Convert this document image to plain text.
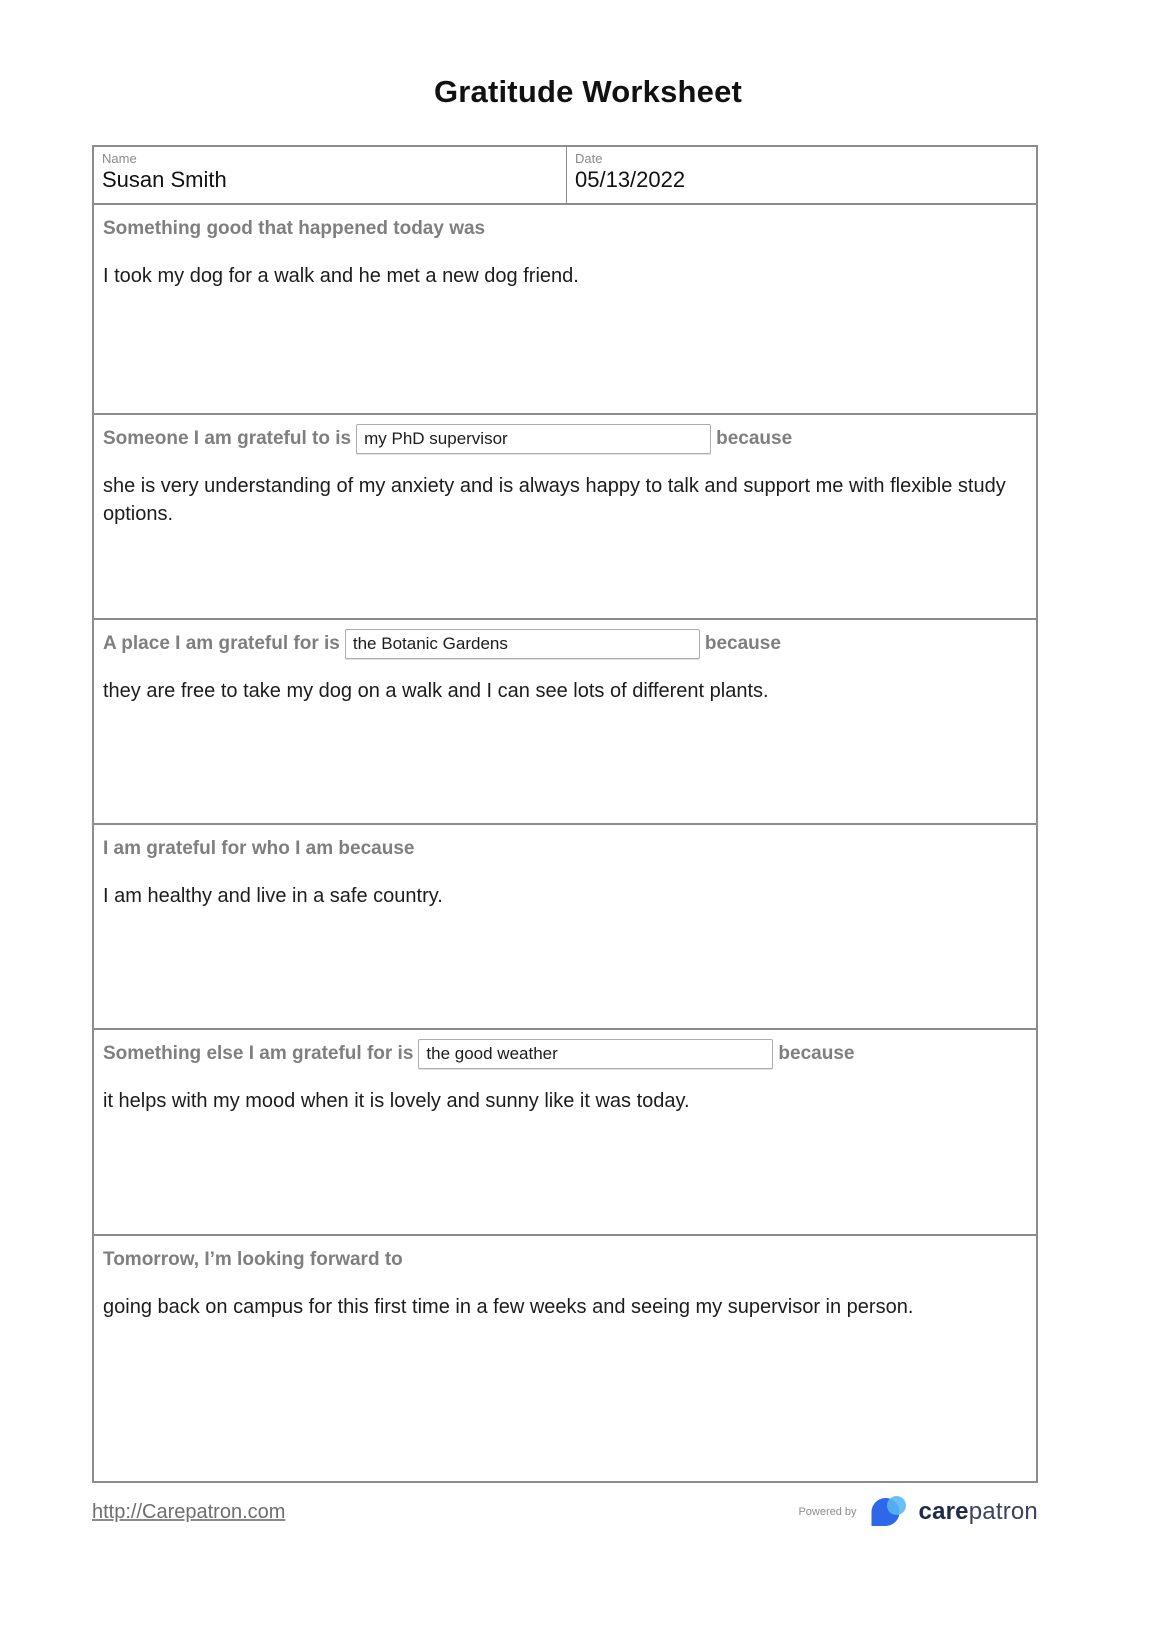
Gratitude Worksheet
Name
Susan Smith
Date
05/13/2022
Something good that happened today was
I took my dog for a walk and he met a new dog friend.
Someone I am grateful to is
my PhD supervisor	because
she is very understanding of my anxiety and is always happy to talk and support me with flexible study options.
A place I am grateful for is
the Botanic Gardens	because
they are free to take my dog on a walk and I can see lots of different plants.
I am grateful for who I am because
I am healthy and live in a safe country.
Something else I am grateful for is
the good weather	because
it helps with my mood when it is lovely and sunny like it was today.
Tomorrow, I’m looking forward to
going back on campus for this first time in a few weeks and seeing my supervisor in person.
http://Carepatron.com	Powered by	carepatron
